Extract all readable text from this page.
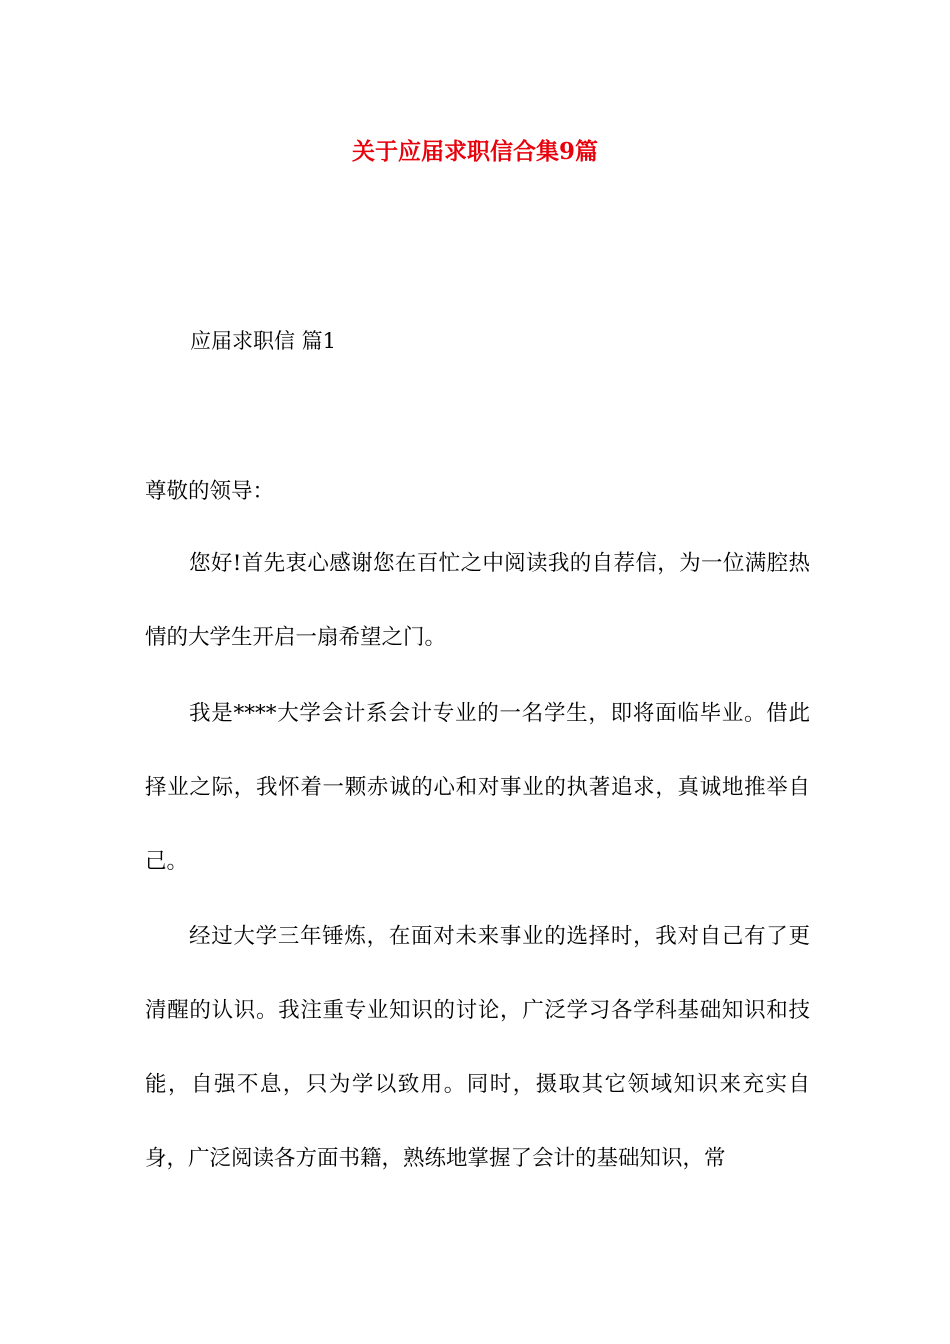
关于应届求职信合集9篇

应届求职信 篇1

尊敬的领导：

您好!首先衷心感谢您在百忙之中阅读我的自荐信，为一位满腔热情的大学生开启一扇希望之门。

我是****大学会计系会计专业的一名学生，即将面临毕业。借此择业之际，我怀着一颗赤诚的心和对事业的执著追求，真诚地推举自己。

经过大学三年锤炼，在面对未来事业的选择时，我对自己有了更清醒的认识。我注重专业知识的讨论，广泛学习各学科基础知识和技能，自强不息，只为学以致用。同时，摄取其它领域知识来充实自身，广泛阅读各方面书籍，熟练地掌握了会计的基础知识，常
